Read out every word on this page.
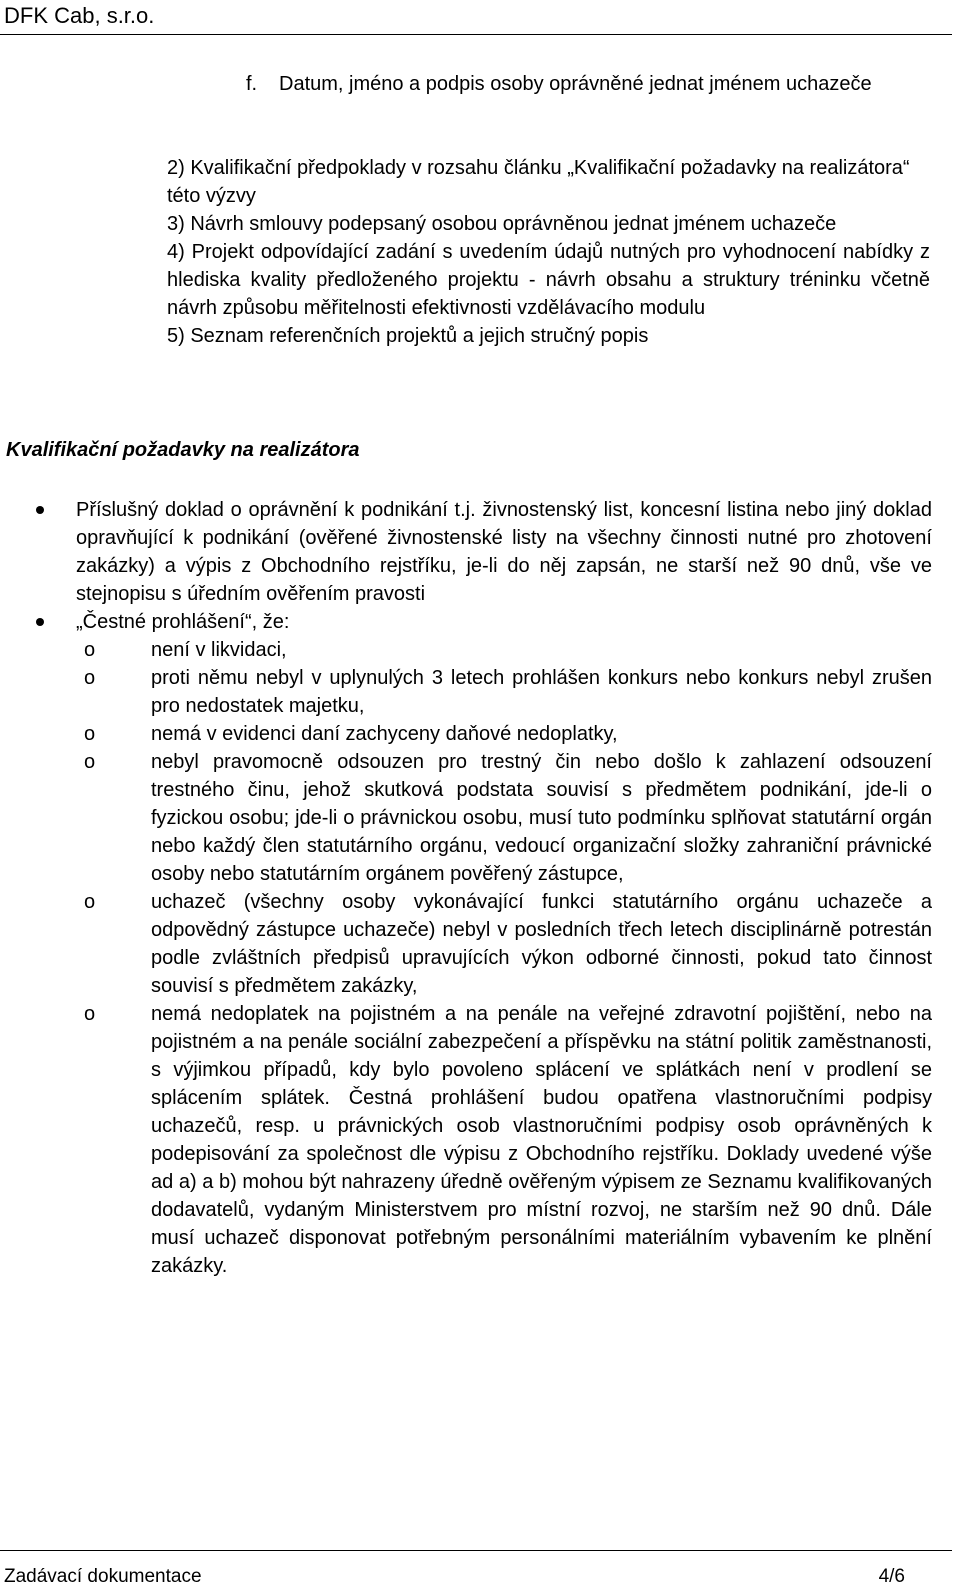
DFK Cab, s.r.o.
f.	Datum, jméno a podpis osoby oprávněné jednat jménem uchazeče
2) Kvalifikační předpoklady v rozsahu článku „Kvalifikační požadavky na realizátora“ této výzvy
3) Návrh smlouvy podepsaný osobou oprávněnou jednat jménem uchazeče
4) Projekt odpovídající zadání s uvedením údajů nutných pro vyhodnocení nabídky z hlediska kvality předloženého projektu - návrh obsahu a struktury tréninku včetně návrh způsobu měřitelnosti efektivnosti vzdělávacího modulu
5) Seznam referenčních projektů a jejich stručný popis
Kvalifikační požadavky na realizátora
Příslušný doklad o oprávnění k podnikání t.j. živnostenský list, koncesní listina nebo jiný doklad opravňující k podnikání (ověřené živnostenské listy na všechny činnosti nutné pro zhotovení zakázky) a výpis z Obchodního rejstříku, je-li do něj zapsán, ne starší než 90 dnů, vše ve stejnopisu s úředním ověřením pravosti
„Čestné prohlášení“, že:
o	není v likvidaci,
o	proti němu nebyl v uplynulých 3 letech prohlášen konkurs nebo konkurs nebyl zrušen pro nedostatek majetku,
o	nemá v evidenci daní zachyceny daňové nedoplatky,
o	nebyl pravomocně odsouzen pro trestný čin nebo došlo k zahlazení odsouzení trestného činu, jehož skutková podstata souvisí s předmětem podnikání, jde-li o fyzickou osobu; jde-li o právnickou osobu, musí tuto podmínku splňovat statutární orgán nebo každý člen statutárního orgánu, vedoucí organizační složky zahraniční právnické osoby nebo statutárním orgánem pověřený zástupce,
o	uchazeč (všechny osoby vykonávající funkci statutárního orgánu uchazeče a odpovědný zástupce uchazeče) nebyl v posledních třech letech disciplinárně potrestán podle zvláštních předpisů upravujících výkon odborné činnosti, pokud tato činnost souvisí s předmětem zakázky,
o	nemá nedoplatek na pojistném a na penále na veřejné zdravotní pojištění, nebo na pojistném a na penále sociální zabezpečení a příspěvku na státní politik zaměstnanosti, s výjimkou případů, kdy bylo povoleno splácení ve splátkách není v prodlení se splácením splátek. Čestná prohlášení budou opatřena vlastnoručními podpisy uchazečů, resp. u právnických osob vlastnoručními podpisy osob oprávněných k podepisování za společnost dle výpisu z Obchodního rejstříku. Doklady uvedené výše ad a) a b) mohou být nahrazeny úředně ověřeným výpisem ze Seznamu kvalifikovaných dodavatelů, vydaným Ministerstvem pro místní rozvoj, ne starším než 90 dnů. Dále musí uchazeč disponovat potřebným personálními materiálním vybavením ke plnění zakázky.
Zadávací dokumentace	4/6
